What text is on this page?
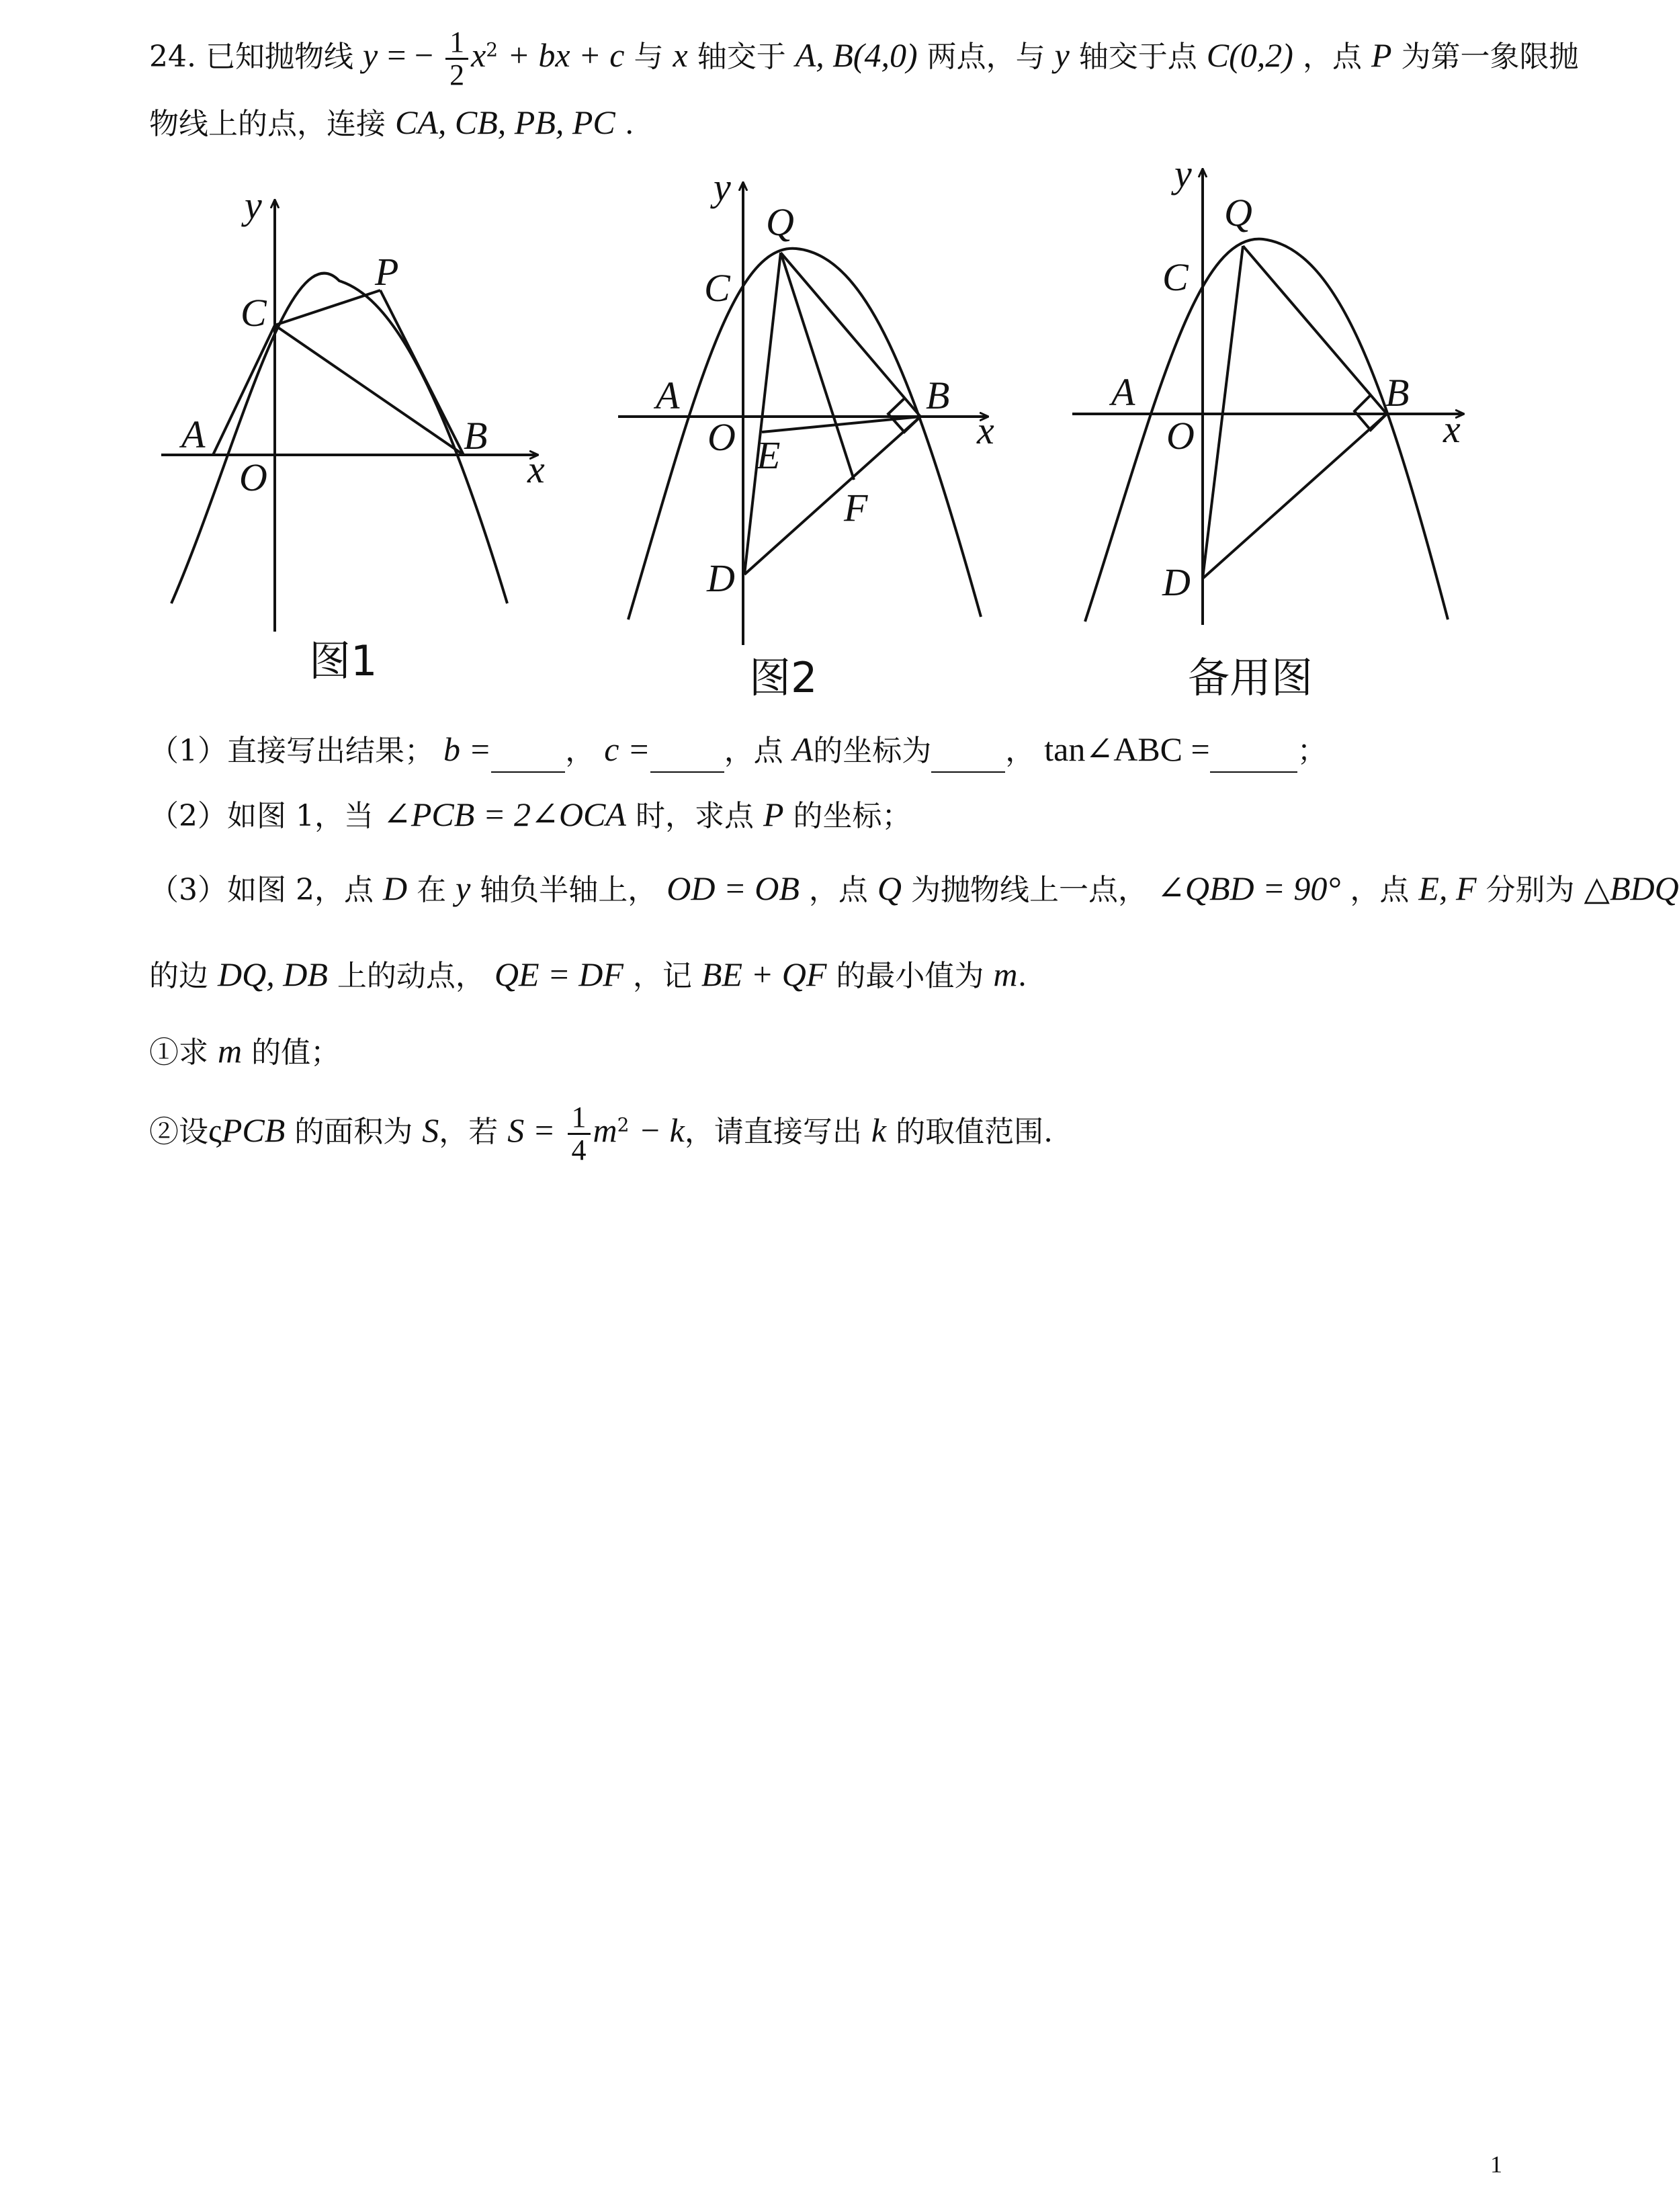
24. 已知抛物线 y = − $\frac{1}{2} x^2$ + bx + c 与 x 轴交于 A, B(4,0) 两点，与 y 轴交于点 C(0,2) ，点 P 为第一象限抛
物线上的点，连接 CA, CB, PB, PC .
y
C
P
A
O
B
x
图1
y
Q
C
A
O E
B
x
F
D
图2
y
Q
C
A
O
B
x
D
备用图
（1）直接写出结果； b =	， c =	，点 A的坐标为	， tan∠ABC =	；
（2）如图 1，当 ∠PCB = 2∠OCA 时，求点 P 的坐标；
（3）如图 2，点 D 在 y 轴负半轴上， OD = OB ，点 Q 为抛物线上一点， ∠QBD = 90° ，点 E, F 分别为 △BDQ
的边 DQ, DB 上的动点， QE = DF ，记 BE + QF 的最小值为 m.
①求 m 的值；
②设ςPCB 的面积为 S，若 $S = \frac{1}{4} m^2 - k$，请直接写出 k 的取值范围.
1
